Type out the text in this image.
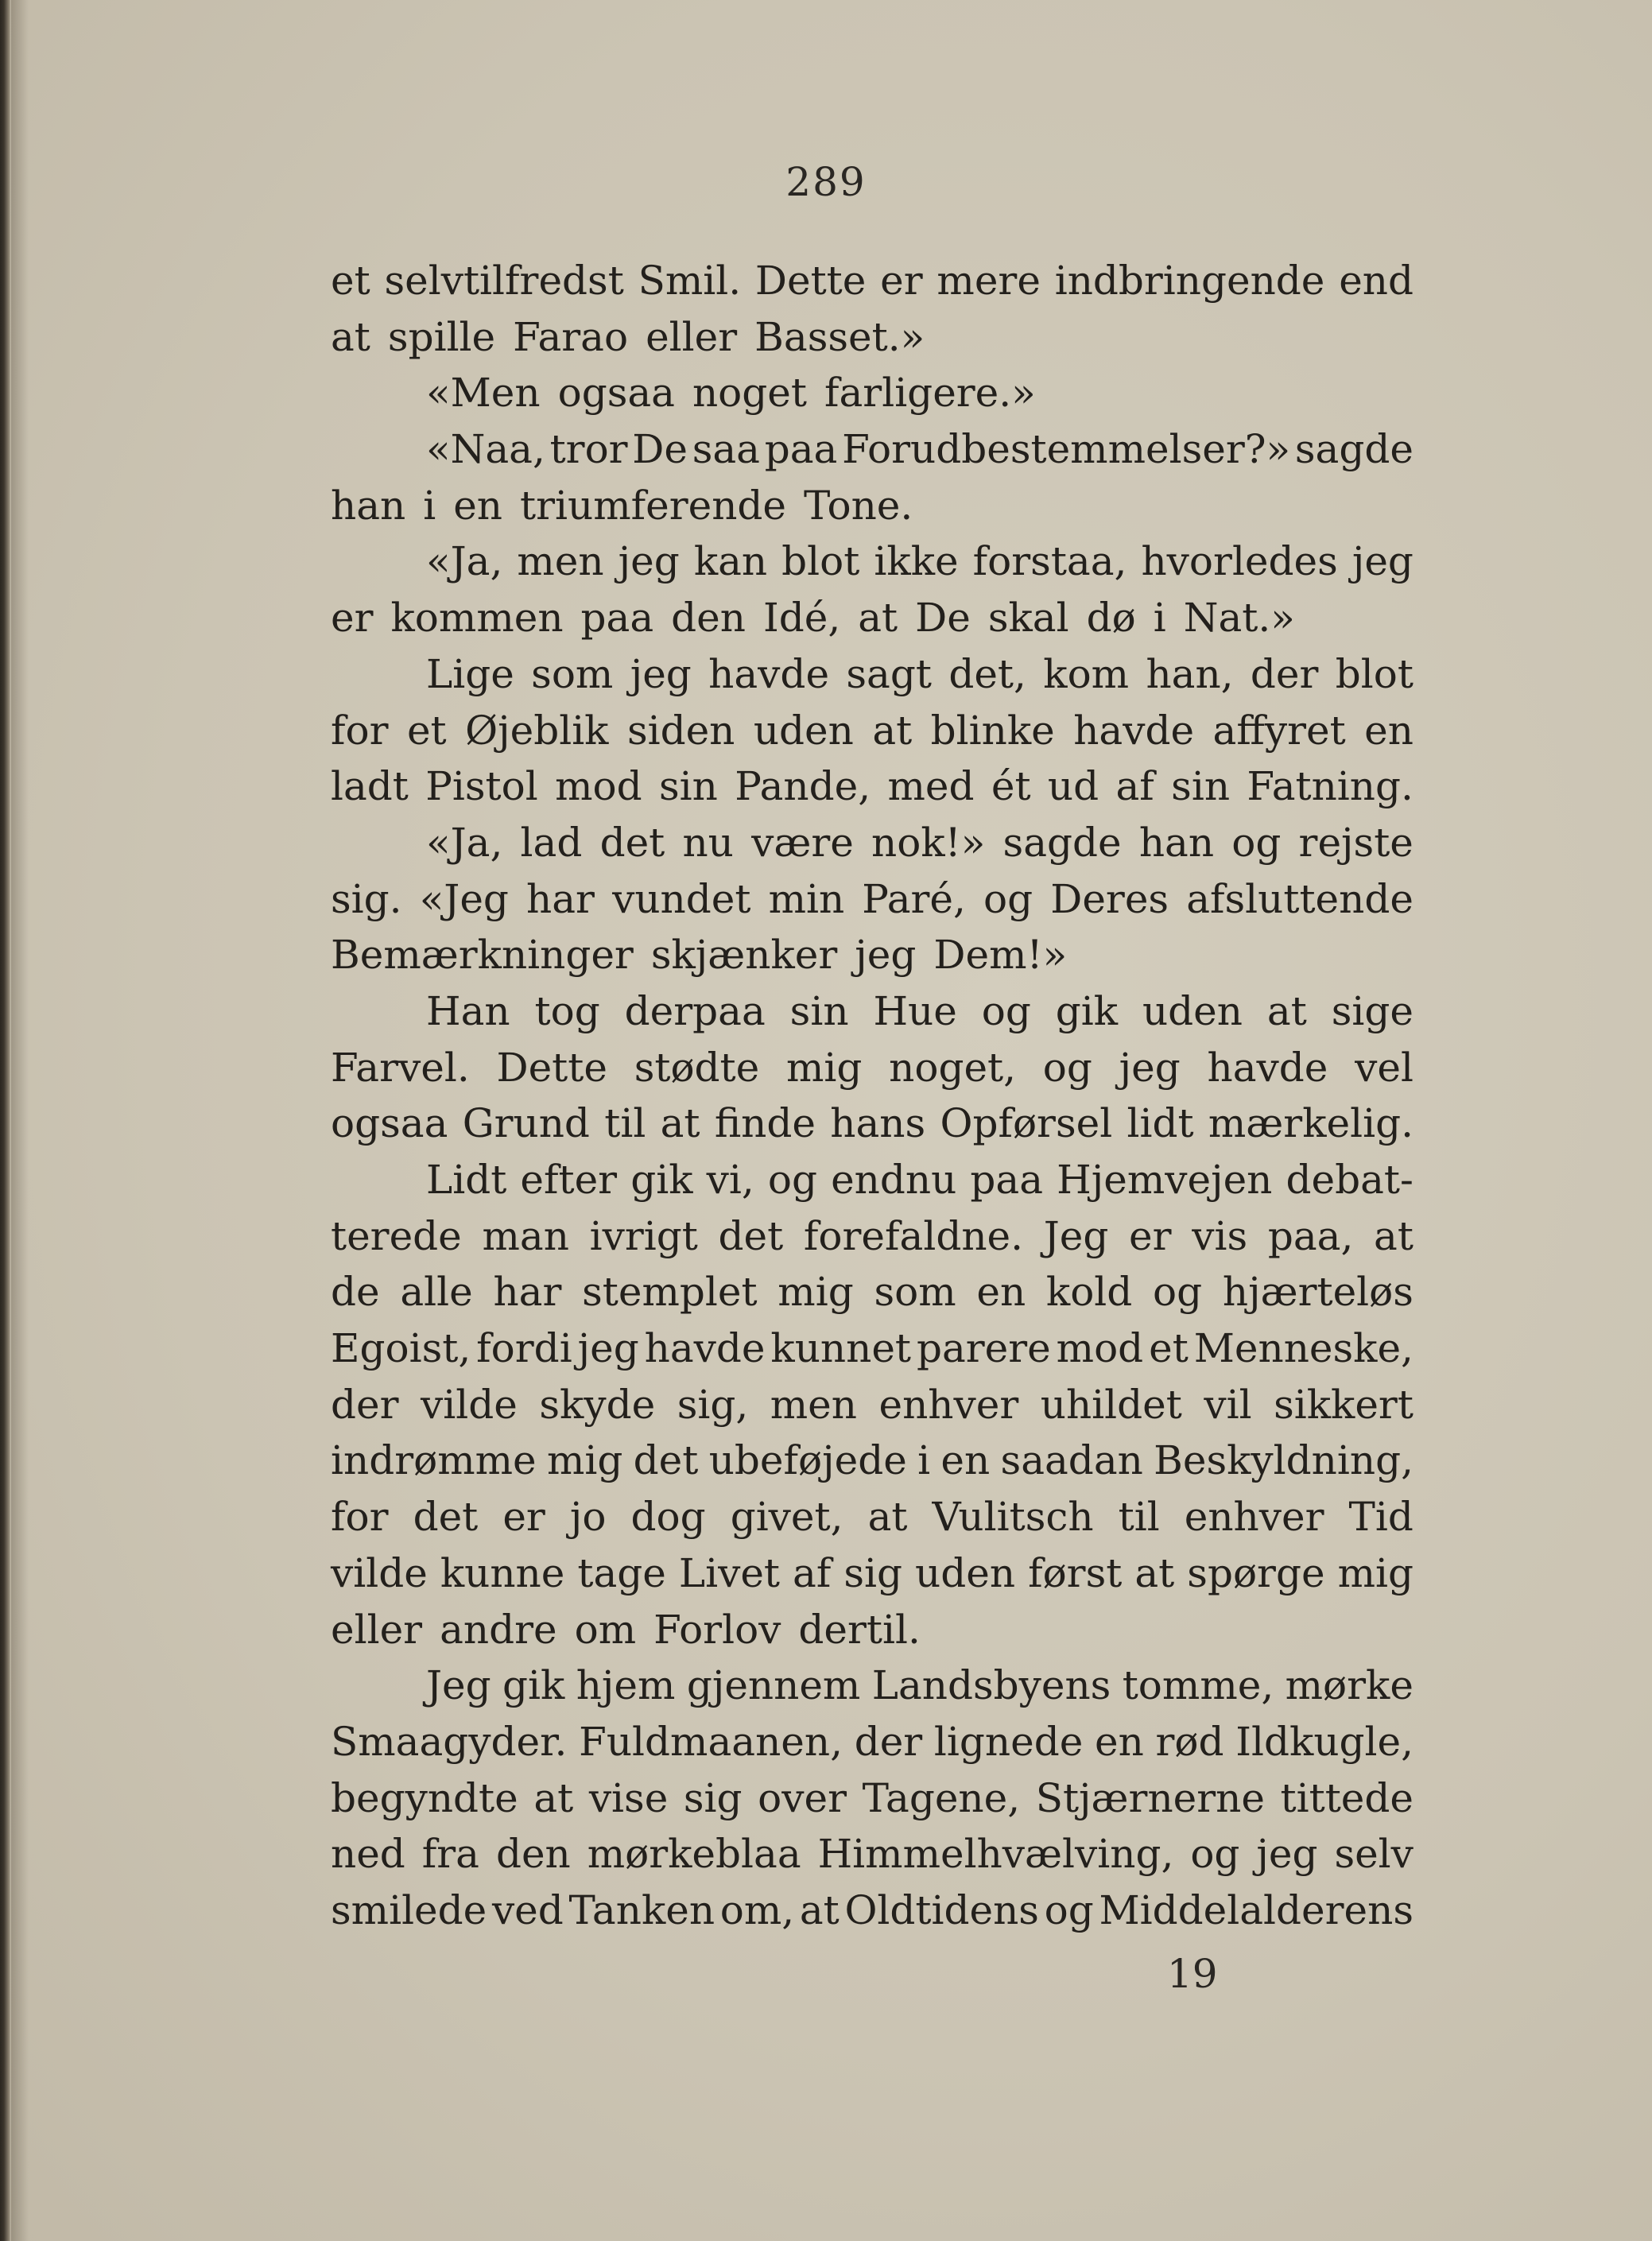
289
et selvtilfredst Smil. Dette er mere indbringende end
at spille Farao eller Basset.»
«Men ogsaa noget farligere.»
«Naa, tror De saa paa Forudbestemmelser?» sagde
han i en triumferende Tone.
«Ja, men jeg kan blot ikke forstaa, hvorledes jeg
er kommen paa den Idé, at De skal dø i Nat.»
Lige som jeg havde sagt det, kom han, der blot
for et Øjeblik siden uden at blinke havde affyret en
ladt Pistol mod sin Pande, med ét ud af sin Fatning.
«Ja, lad det nu være nok!» sagde han og rejste
sig. «Jeg har vundet min Paré, og Deres afsluttende
Bemærkninger skjænker jeg Dem!»
Han tog derpaa sin Hue og gik uden at sige
Farvel. Dette stødte mig noget, og jeg havde vel
ogsaa Grund til at finde hans Opførsel lidt mærkelig.
Lidt efter gik vi, og endnu paa Hjemvejen debat-
terede man ivrigt det forefaldne. Jeg er vis paa, at
de alle har stemplet mig som en kold og hjærteløs
Egoist, fordi jeg havde kunnet parere mod et Menneske,
der vilde skyde sig, men enhver uhildet vil sikkert
indrømme mig det ubeføjede i en saadan Beskyldning,
for det er jo dog givet, at Vulitsch til enhver Tid
vilde kunne tage Livet af sig uden først at spørge mig
eller andre om Forlov dertil.
Jeg gik hjem gjennem Landsbyens tomme, mørke
Smaagyder. Fuldmaanen, der lignede en rød Ildkugle,
begyndte at vise sig over Tagene, Stjærnerne tittede
ned fra den mørkeblaa Himmelhvælving, og jeg selv
smilede ved Tanken om, at Oldtidens og Middelalderens
19
